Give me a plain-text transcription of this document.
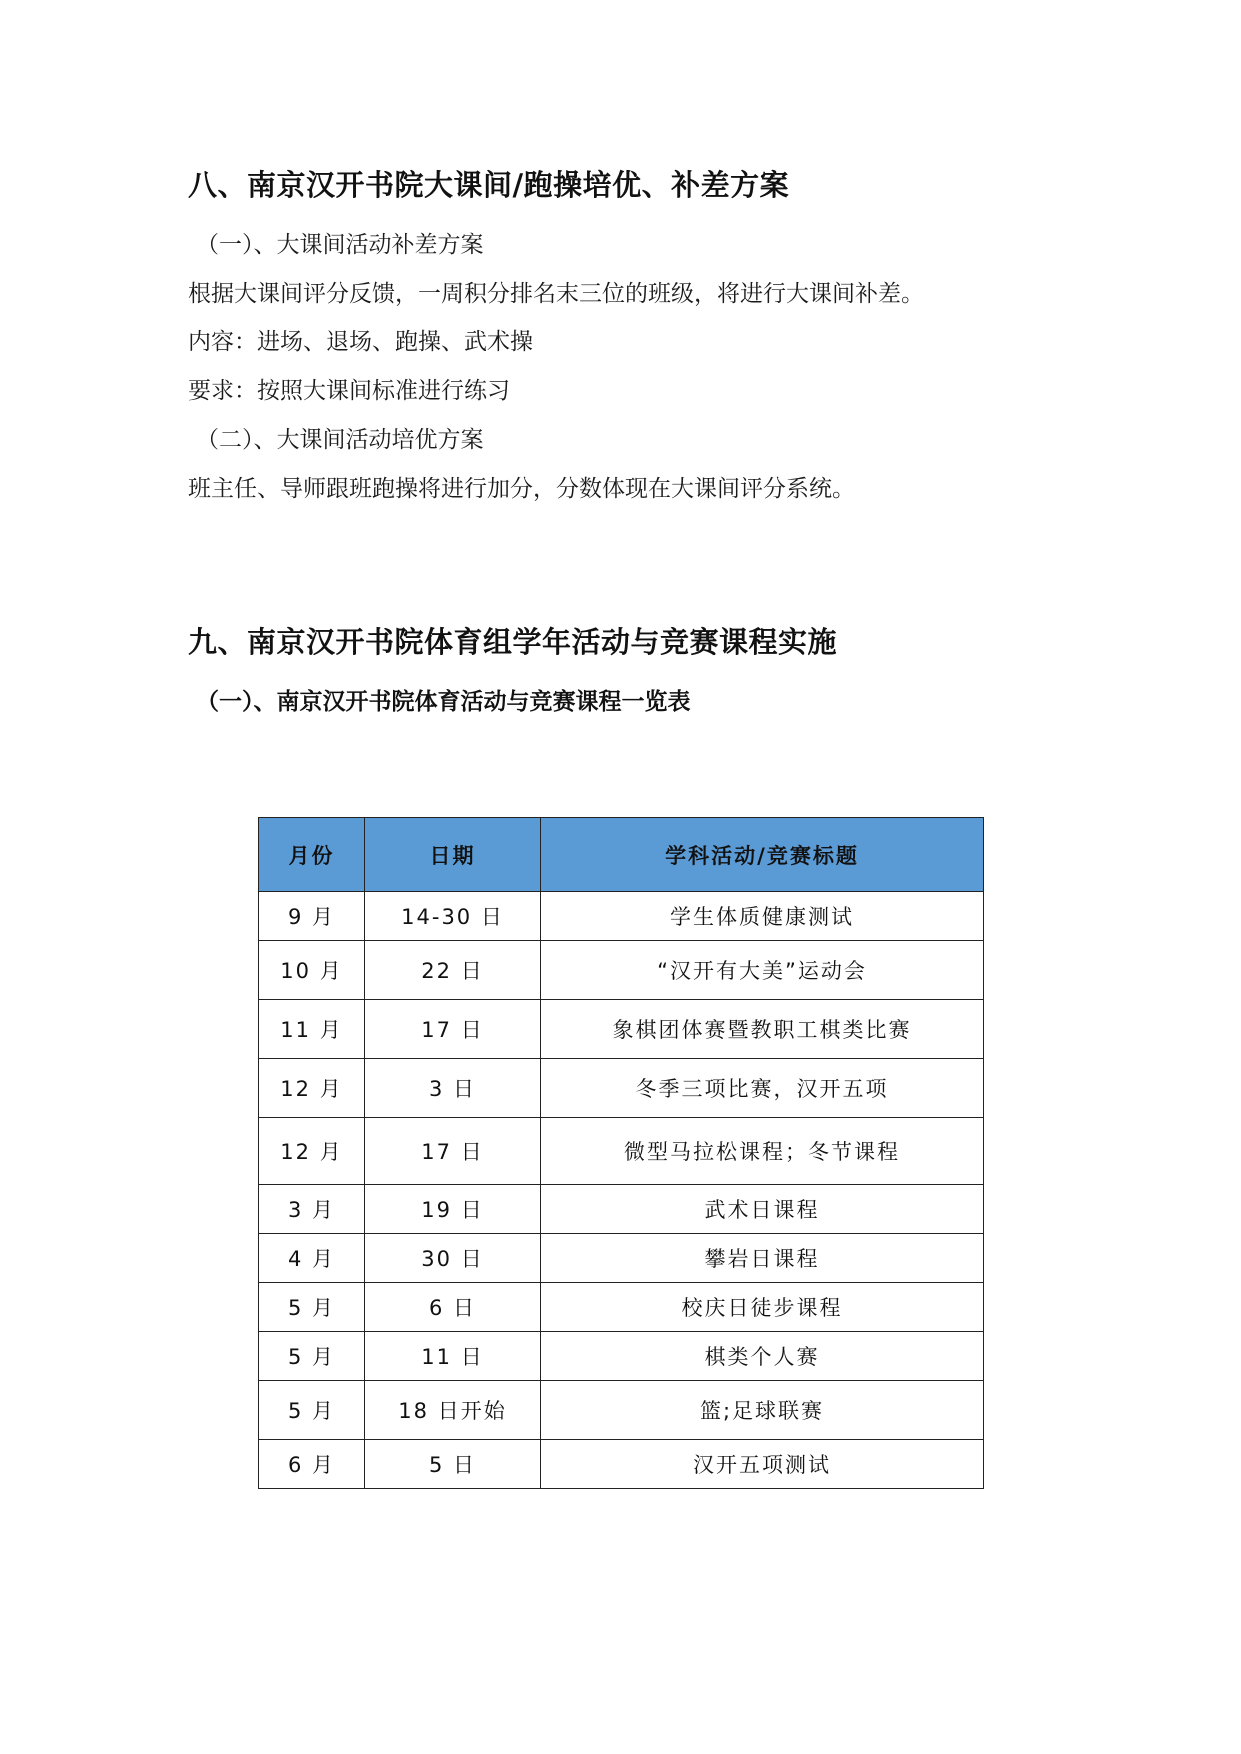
八、南京汉开书院大课间/跑操培优、补差方案
（一）、大课间活动补差方案
根据大课间评分反馈，一周积分排名末三位的班级，将进行大课间补差。
内容：进场、退场、跑操、武术操
要求：按照大课间标准进行练习
（二）、大课间活动培优方案
班主任、导师跟班跑操将进行加分，分数体现在大课间评分系统。
九、南京汉开书院体育组学年活动与竞赛课程实施
（一）、南京汉开书院体育活动与竞赛课程一览表
月份	日期	学科活动/竞赛标题
9 月	14-30 日	学生体质健康测试
10 月	22 日	“汉开有大美”运动会
11 月	17 日	象棋团体赛暨教职工棋类比赛
12 月	3 日	冬季三项比赛，汉开五项
12 月	17 日	微型马拉松课程；冬节课程
3 月	19 日	武术日课程
4 月	30 日	攀岩日课程
5 月	6 日	校庆日徒步课程
5 月	11 日	棋类个人赛
5 月	18 日开始	篮;足球联赛
6 月	5 日	汉开五项测试
